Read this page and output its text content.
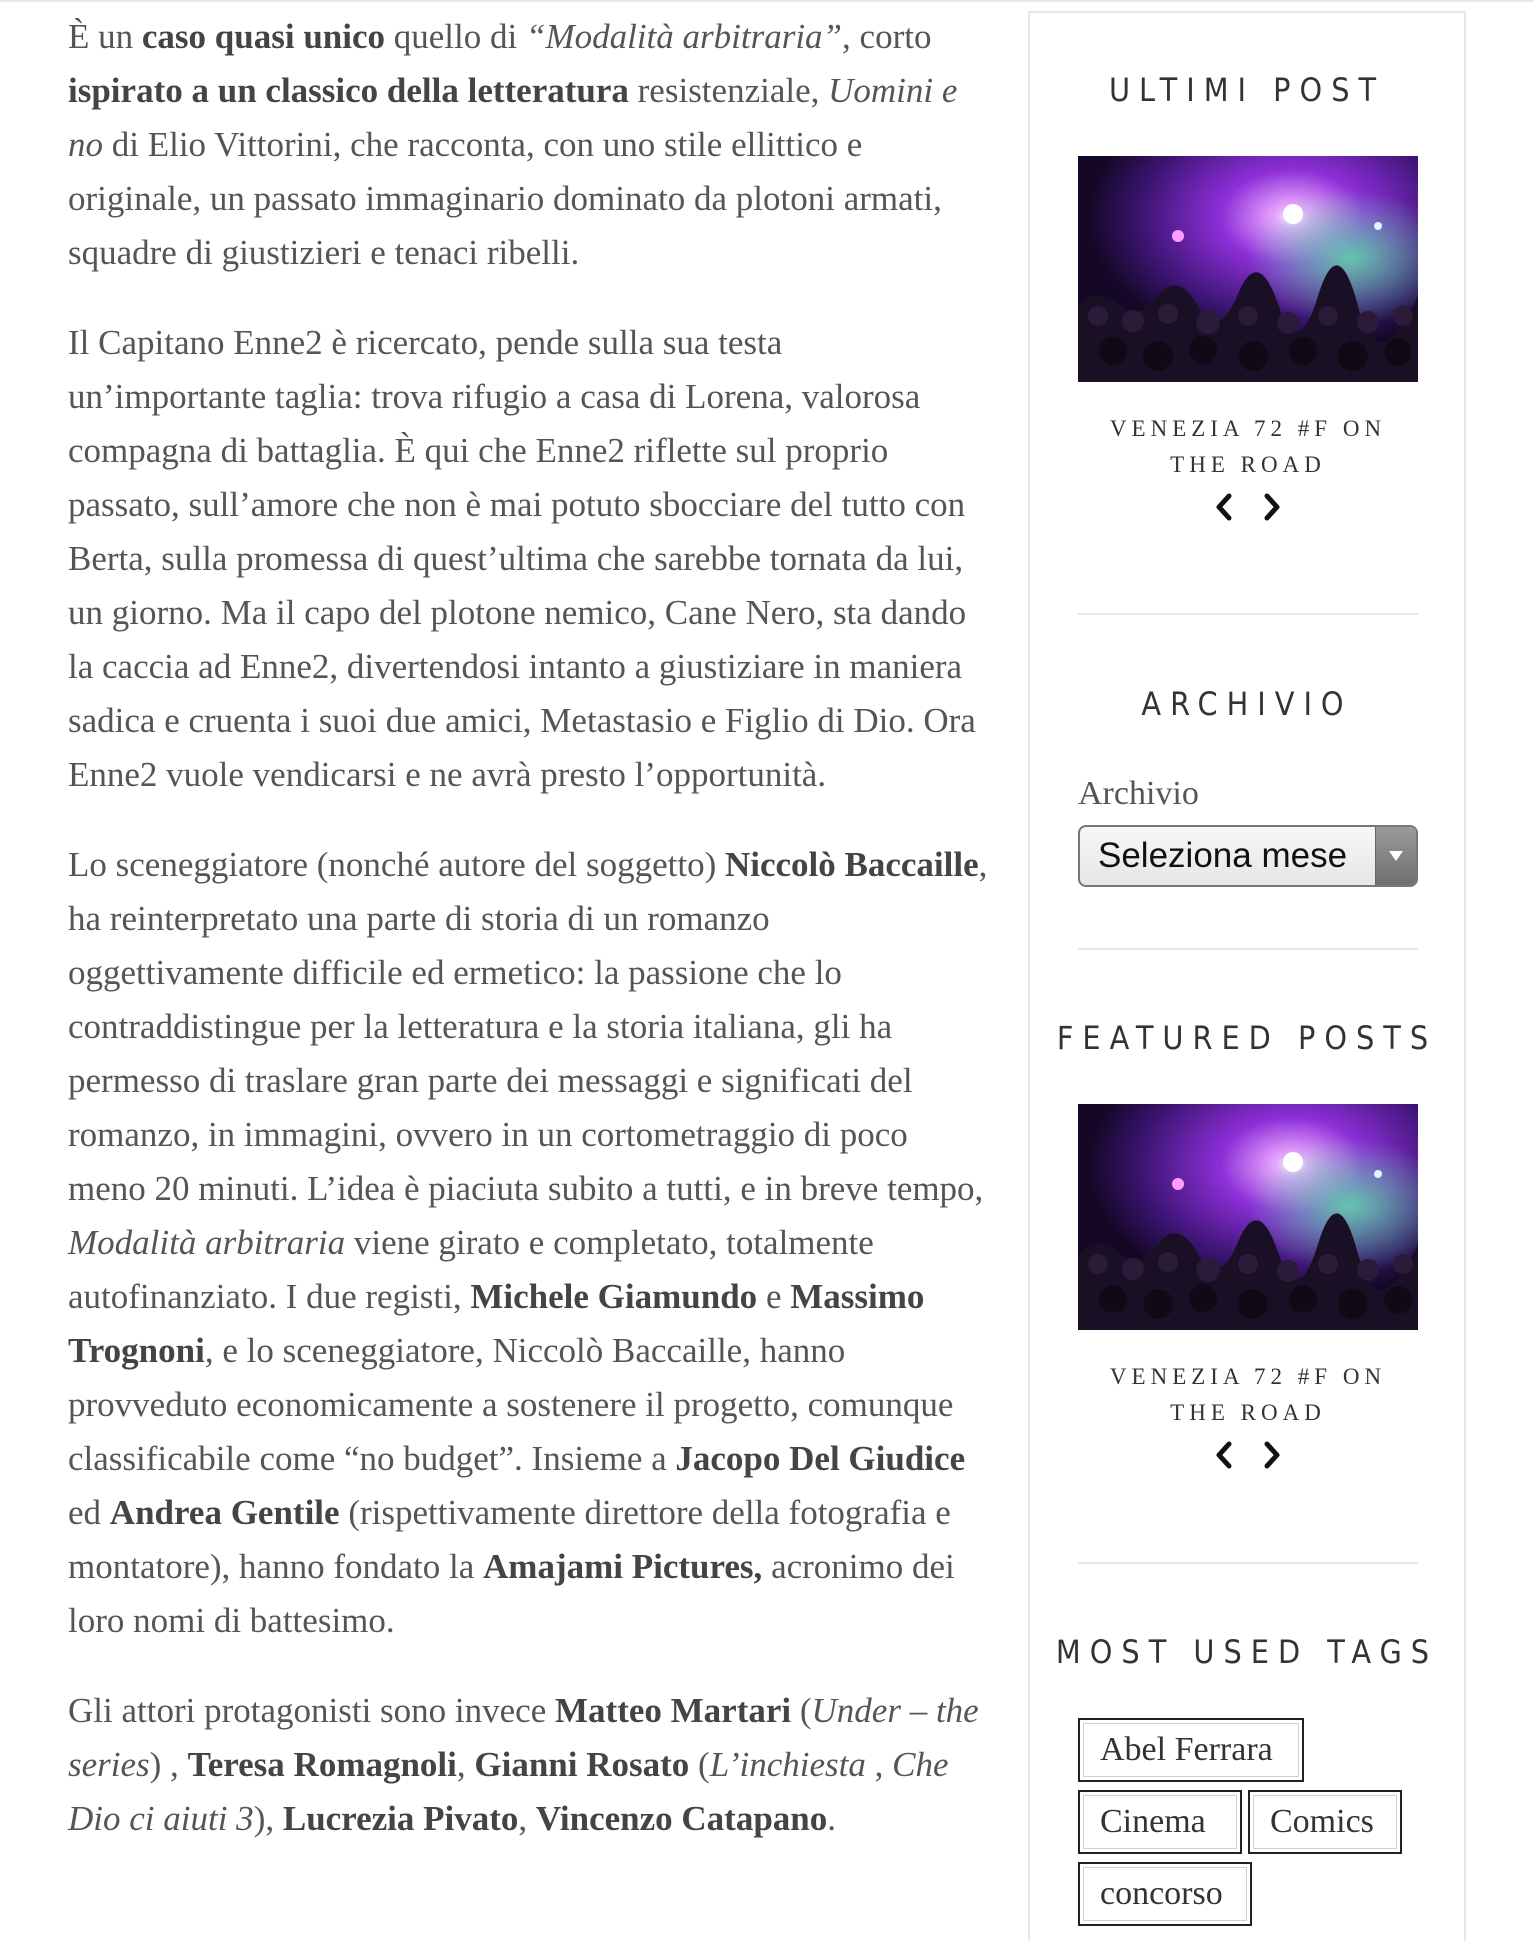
È un caso quasi unico quello di “Modalità arbitraria”, corto ispirato a un classico della letteratura resistenziale, Uomini e no di Elio Vittorini, che racconta, con uno stile ellittico e originale, un passato immaginario dominato da plotoni armati, squadre di giustizieri e tenaci ribelli.

Il Capitano Enne2 è ricercato, pende sulla sua testa un’importante taglia: trova rifugio a casa di Lorena, valorosa compagna di battaglia. È qui che Enne2 riflette sul proprio passato, sull’amore che non è mai potuto sbocciare del tutto con Berta, sulla promessa di quest’ultima che sarebbe tornata da lui, un giorno. Ma il capo del plotone nemico, Cane Nero, sta dando la caccia ad Enne2, divertendosi intanto a giustiziare in maniera sadica e cruenta i suoi due amici, Metastasio e Figlio di Dio. Ora Enne2 vuole vendicarsi e ne avrà presto l’opportunità.

Lo sceneggiatore (nonché autore del soggetto) Niccolò Baccaille, ha reinterpretato una parte di storia di un romanzo oggettivamente difficile ed ermetico: la passione che lo contraddistingue per la letteratura e la storia italiana, gli ha permesso di traslare gran parte dei messaggi e significati del romanzo, in immagini, ovvero in un cortometraggio di poco meno 20 minuti. L’idea è piaciuta subito a tutti, e in breve tempo, Modalità arbitraria viene girato e completato, totalmente autofinanziato. I due registi, Michele Giamundo e Massimo Trognoni, e lo sceneggiatore, Niccolò Baccaille, hanno provveduto economicamente a sostenere il progetto, comunque classificabile come “no budget”. Insieme a Jacopo Del Giudice ed Andrea Gentile (rispettivamente direttore della fotografia e montatore), hanno fondato la Amajami Pictures, acronimo dei loro nomi di battesimo.

Gli attori protagonisti sono invece Matteo Martari (Under – the series) , Teresa Romagnoli, Gianni Rosato (L’inchiesta , Che Dio ci aiuti 3), Lucrezia Pivato, Vincenzo Catapano.

ULTIMI POST
VENEZIA 72 #F ON THE ROAD
ARCHIVIO
Archivio
Seleziona mese
FEATURED POSTS
VENEZIA 72 #F ON THE ROAD
MOST USED TAGS
Abel Ferrara
Cinema Comics
concorso
